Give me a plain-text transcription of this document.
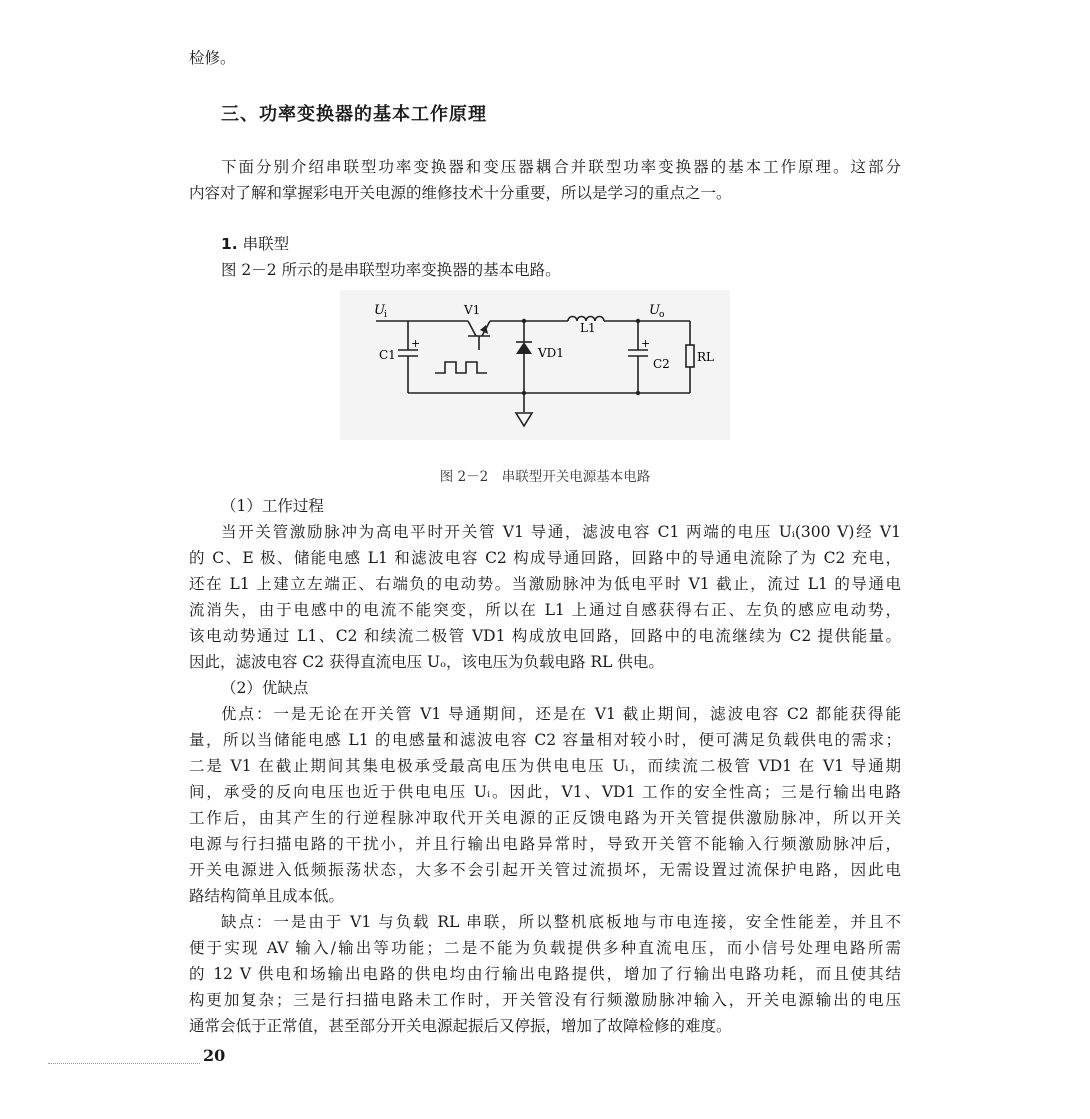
检修。
三、功率变换器的基本工作原理
下面分别介绍串联型功率变换器和变压器耦合并联型功率变换器的基本工作原理。这部分
内容对了解和掌握彩电开关电源的维修技术十分重要，所以是学习的重点之一。
1. 串联型
图 2－2 所示的是串联型功率变换器的基本电路。
U i	V1
L1
U o
C1
+
VD1
+
C2 RL
图 2－2　串联型开关电源基本电路
（1）工作过程
当开关管激励脉冲为高电平时开关管 V1 导通，滤波电容 C1 两端的电压 Uᵢ(300 V)经 V1
的 C、E 极、储能电感 L1 和滤波电容 C2 构成导通回路，回路中的导通电流除了为 C2 充电，
还在 L1 上建立左端正、右端负的电动势。当激励脉冲为低电平时 V1 截止，流过 L1 的导通电
流消失，由于电感中的电流不能突变，所以在 L1 上通过自感获得右正、左负的感应电动势，
该电动势通过 L1、C2 和续流二极管 VD1 构成放电回路，回路中的电流继续为 C2 提供能量。
因此，滤波电容 C2 获得直流电压 Uₒ，该电压为负载电路 RL 供电。
（2）优缺点
优点：一是无论在开关管 V1 导通期间，还是在 V1 截止期间，滤波电容 C2 都能获得能
量，所以当储能电感 L1 的电感量和滤波电容 C2 容量相对较小时，便可满足负载供电的需求；
二是 V1 在截止期间其集电极承受最高电压为供电电压 Uᵢ，而续流二极管 VD1 在 V1 导通期
间，承受的反向电压也近于供电电压 Uᵢ。因此，V1、VD1 工作的安全性高；三是行输出电路
工作后，由其产生的行逆程脉冲取代开关电源的正反馈电路为开关管提供激励脉冲，所以开关
电源与行扫描电路的干扰小，并且行输出电路异常时，导致开关管不能输入行频激励脉冲后，
开关电源进入低频振荡状态，大多不会引起开关管过流损坏，无需设置过流保护电路，因此电
路结构简单且成本低。
缺点：一是由于 V1 与负载 RL 串联，所以整机底板地与市电连接，安全性能差，并且不
便于实现 AV 输入/输出等功能；二是不能为负载提供多种直流电压，而小信号处理电路所需
的 12 V 供电和场输出电路的供电均由行输出电路提供，增加了行输出电路功耗，而且使其结
构更加复杂；三是行扫描电路未工作时，开关管没有行频激励脉冲输入，开关电源输出的电压
通常会低于正常值，甚至部分开关电源起振后又停振，增加了故障检修的难度。
20
